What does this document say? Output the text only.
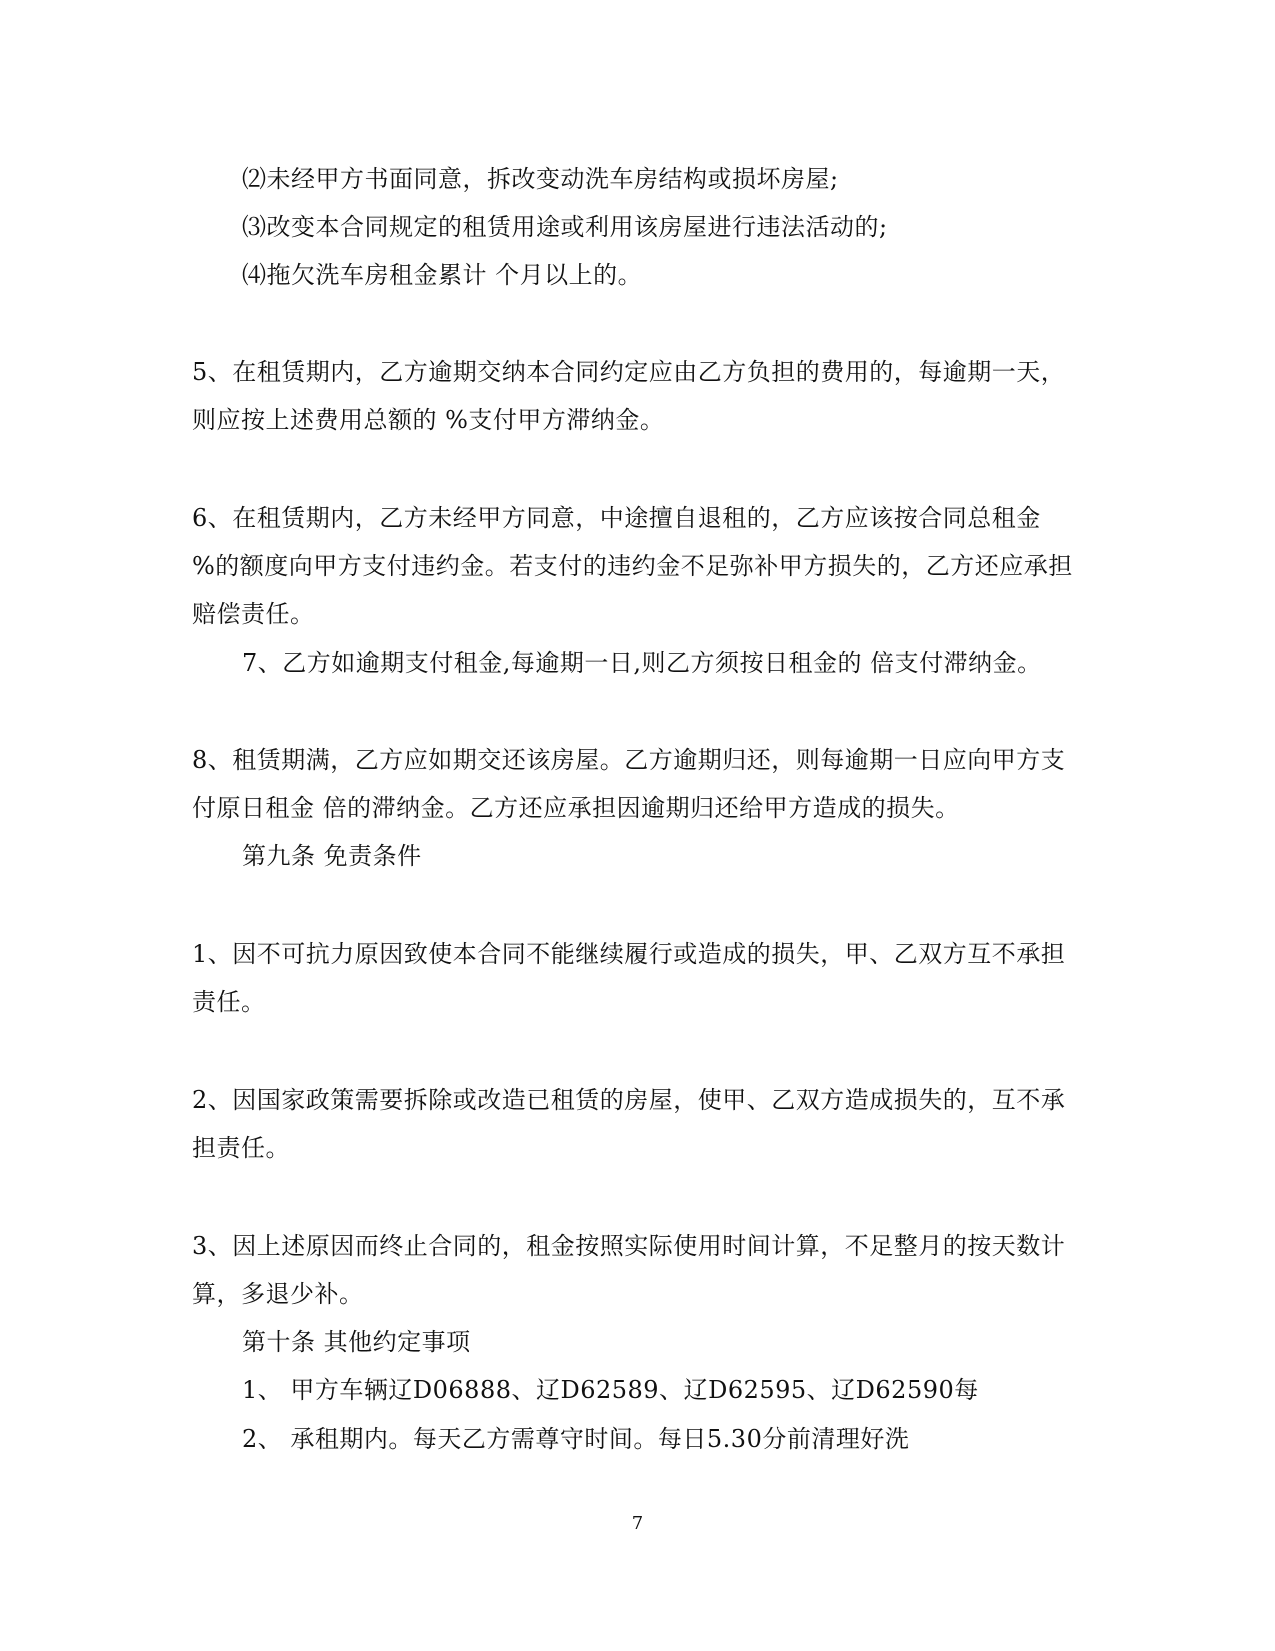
⑵未经甲方书面同意，拆改变动洗车房结构或损坏房屋;
⑶改变本合同规定的租赁用途或利用该房屋进行违法活动的;
⑷拖欠洗车房租金累计 个月以上的。
5、在租赁期内，乙方逾期交纳本合同约定应由乙方负担的费用的，每逾期一天，
则应按上述费用总额的 %支付甲方滞纳金。
6、在租赁期内，乙方未经甲方同意，中途擅自退租的，乙方应该按合同总租金
%的额度向甲方支付违约金。若支付的违约金不足弥补甲方损失的，乙方还应承担
赔偿责任。
7、乙方如逾期支付租金,每逾期一日,则乙方须按日租金的 倍支付滞纳金。
8、租赁期满，乙方应如期交还该房屋。乙方逾期归还，则每逾期一日应向甲方支
付原日租金 倍的滞纳金。乙方还应承担因逾期归还给甲方造成的损失。
第九条 免责条件
1、因不可抗力原因致使本合同不能继续履行或造成的损失，甲、乙双方互不承担
责任。
2、因国家政策需要拆除或改造已租赁的房屋，使甲、乙双方造成损失的，互不承
担责任。
3、因上述原因而终止合同的，租金按照实际使用时间计算，不足整月的按天数计
算，多退少补。
第十条 其他约定事项
1、 甲方车辆辽D06888、辽D62589、辽D62595、辽D62590每
2、 承租期内。每天乙方需尊守时间。每日5.30分前清理好洗
7
